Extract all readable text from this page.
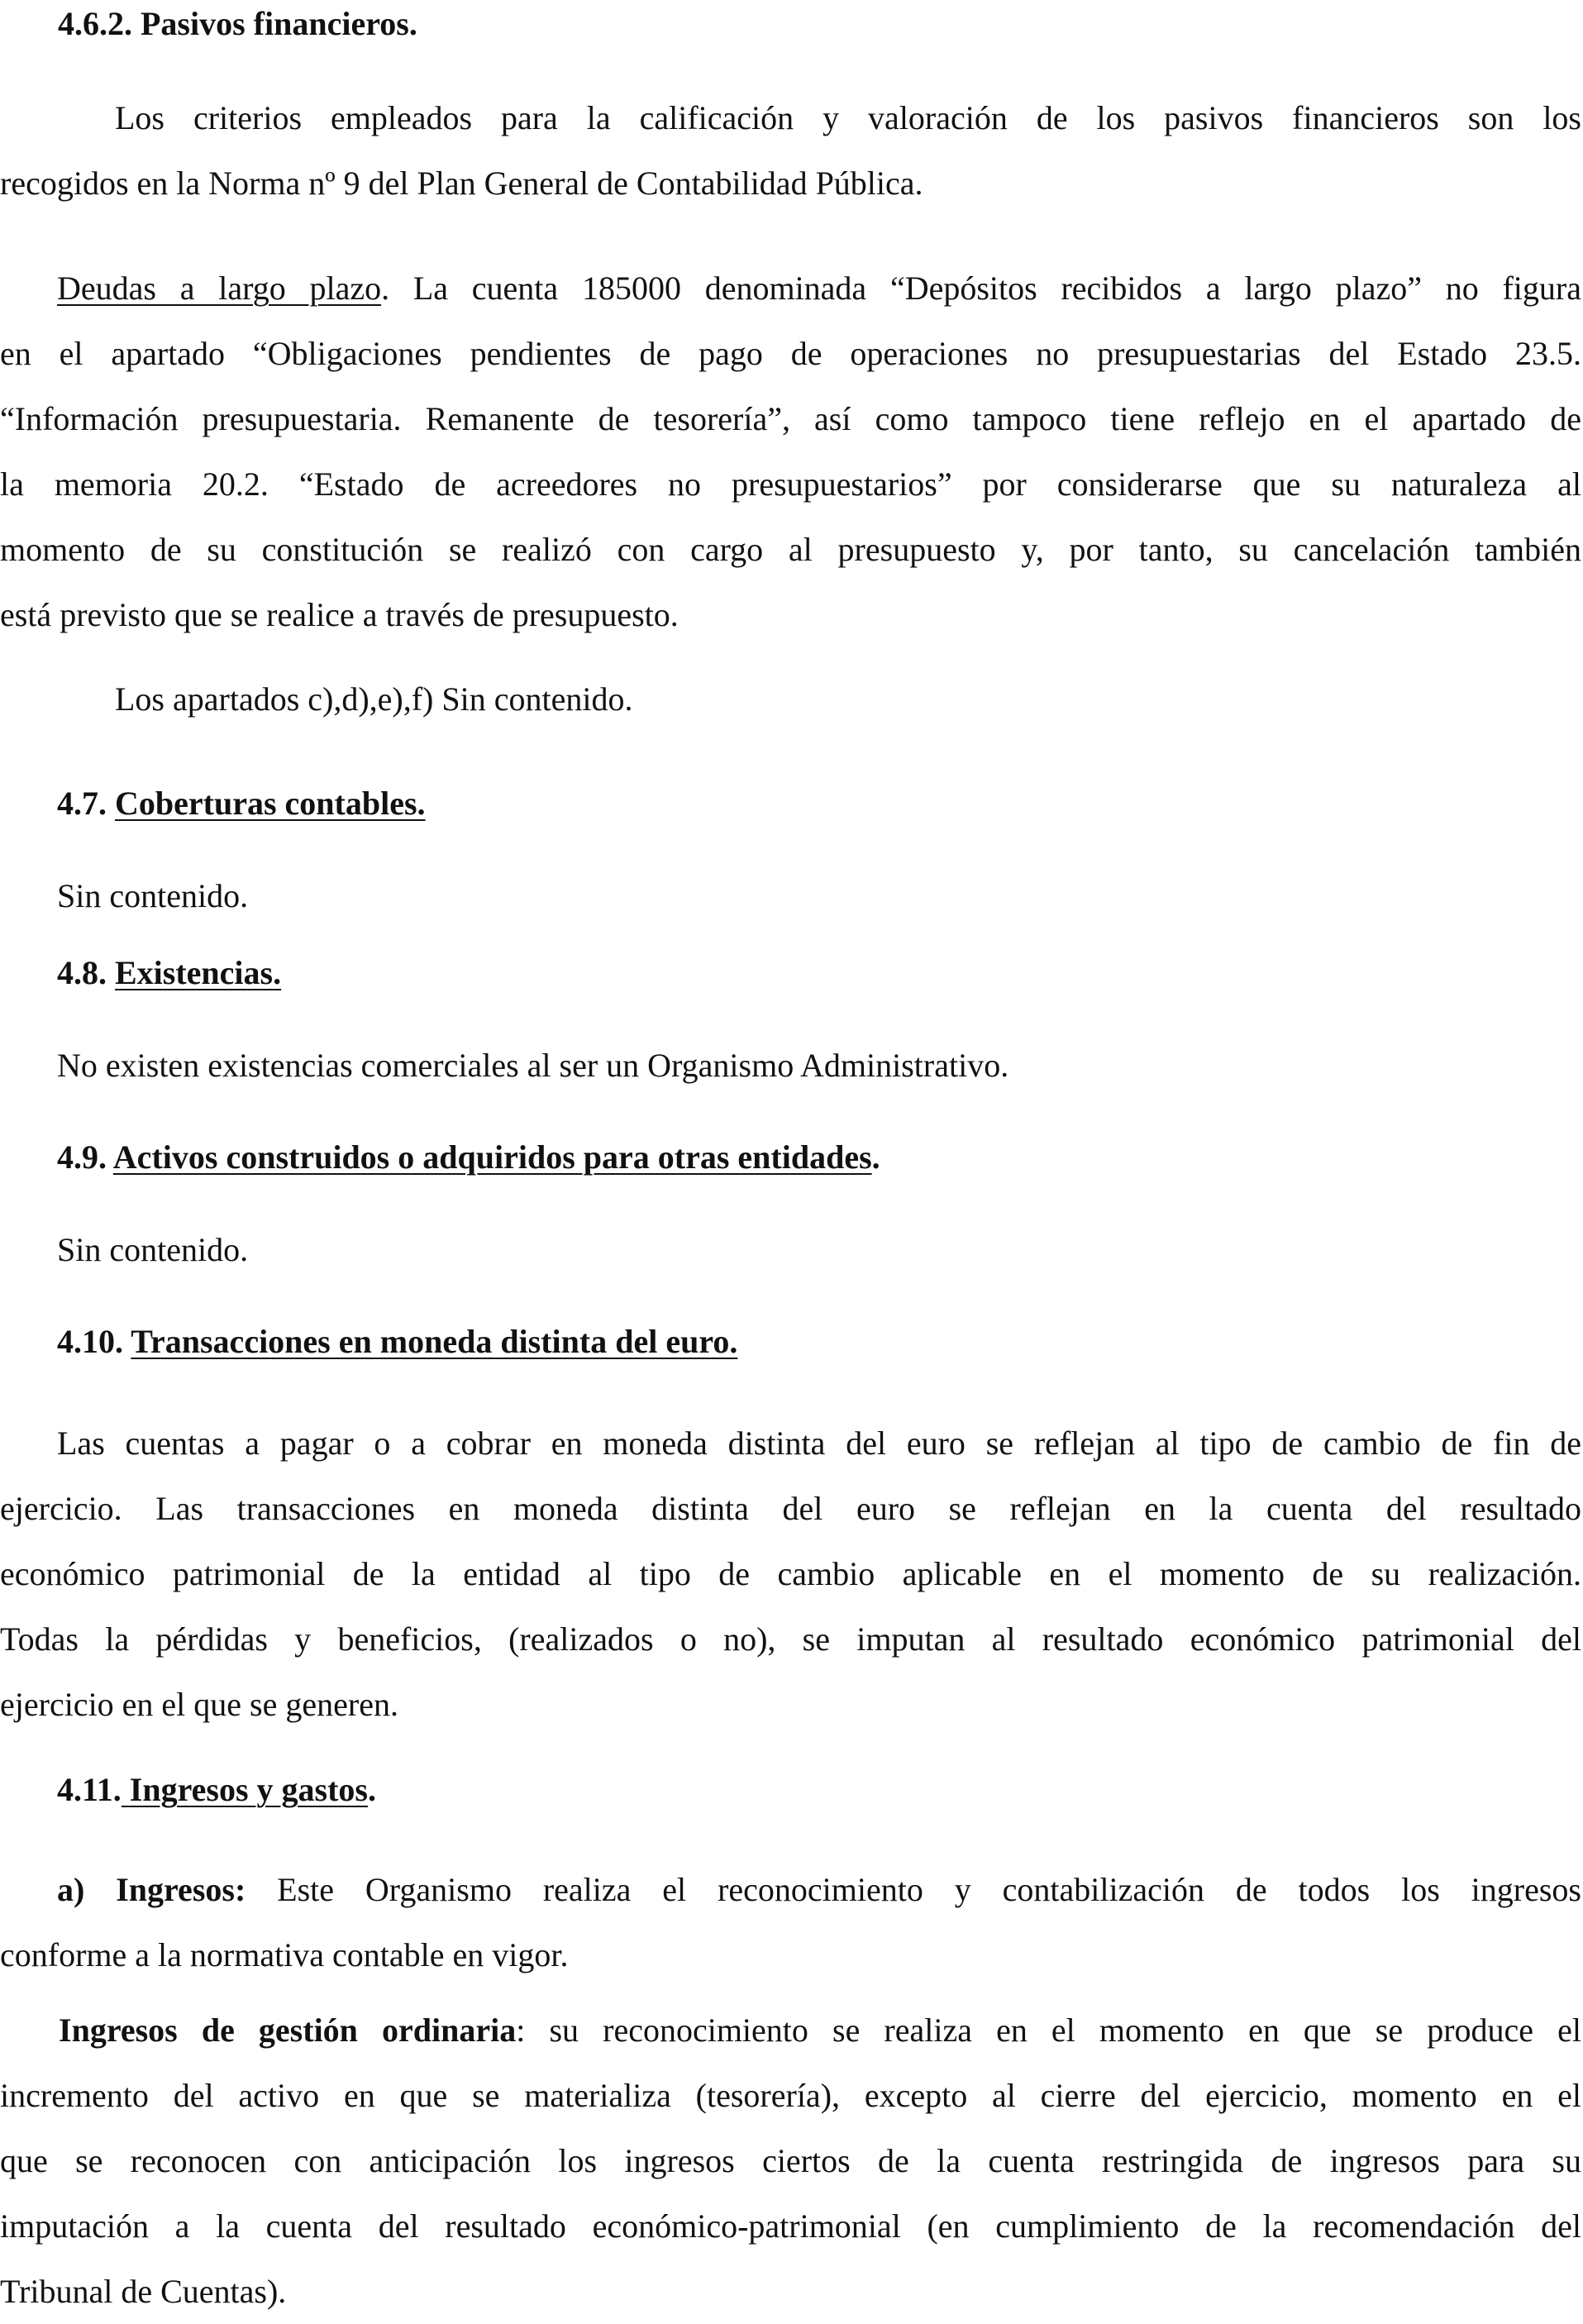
4.6.2. Pasivos financieros.
Los criterios empleados para la calificación y valoración de los pasivos financieros son los
recogidos en la Norma nº 9 del Plan General de Contabilidad Pública.
Deudas a largo plazo. La cuenta 185000 denominada “Depósitos recibidos a largo plazo” no figura
en el apartado “Obligaciones pendientes de pago de operaciones no presupuestarias del Estado 23.5.
“Información presupuestaria. Remanente de tesorería”, así como tampoco tiene reflejo en el apartado de
la memoria 20.2. “Estado de acreedores no presupuestarios” por considerarse que su naturaleza al
momento de su constitución se realizó con cargo al presupuesto y, por tanto, su cancelación también
está previsto que se realice a través de presupuesto.
Los apartados c),d),e),f) Sin contenido.
4.7. Coberturas contables.
Sin contenido.
4.8. Existencias.
No existen existencias comerciales al ser un Organismo Administrativo.
4.9. Activos construidos o adquiridos para otras entidades.
Sin contenido.
4.10. Transacciones en moneda distinta del euro.
Las cuentas a pagar o a cobrar en moneda distinta del euro se reflejan al tipo de cambio de fin de
ejercicio. Las transacciones en moneda distinta del euro se reflejan en la cuenta del resultado
económico patrimonial de la entidad al tipo de cambio aplicable en el momento de su realización.
Todas la pérdidas y beneficios, (realizados o no), se imputan al resultado económico patrimonial del
ejercicio en el que se generen.
4.11. Ingresos y gastos.
a) Ingresos: Este Organismo realiza el reconocimiento y contabilización de todos los ingresos
conforme a la normativa contable en vigor.
Ingresos de gestión ordinaria: su reconocimiento se realiza en el momento en que se produce el
incremento del activo en que se materializa (tesorería), excepto al cierre del ejercicio, momento en el
que se reconocen con anticipación los ingresos ciertos de la cuenta restringida de ingresos para su
imputación a la cuenta del resultado económico-patrimonial (en cumplimiento de la recomendación del
Tribunal de Cuentas).
